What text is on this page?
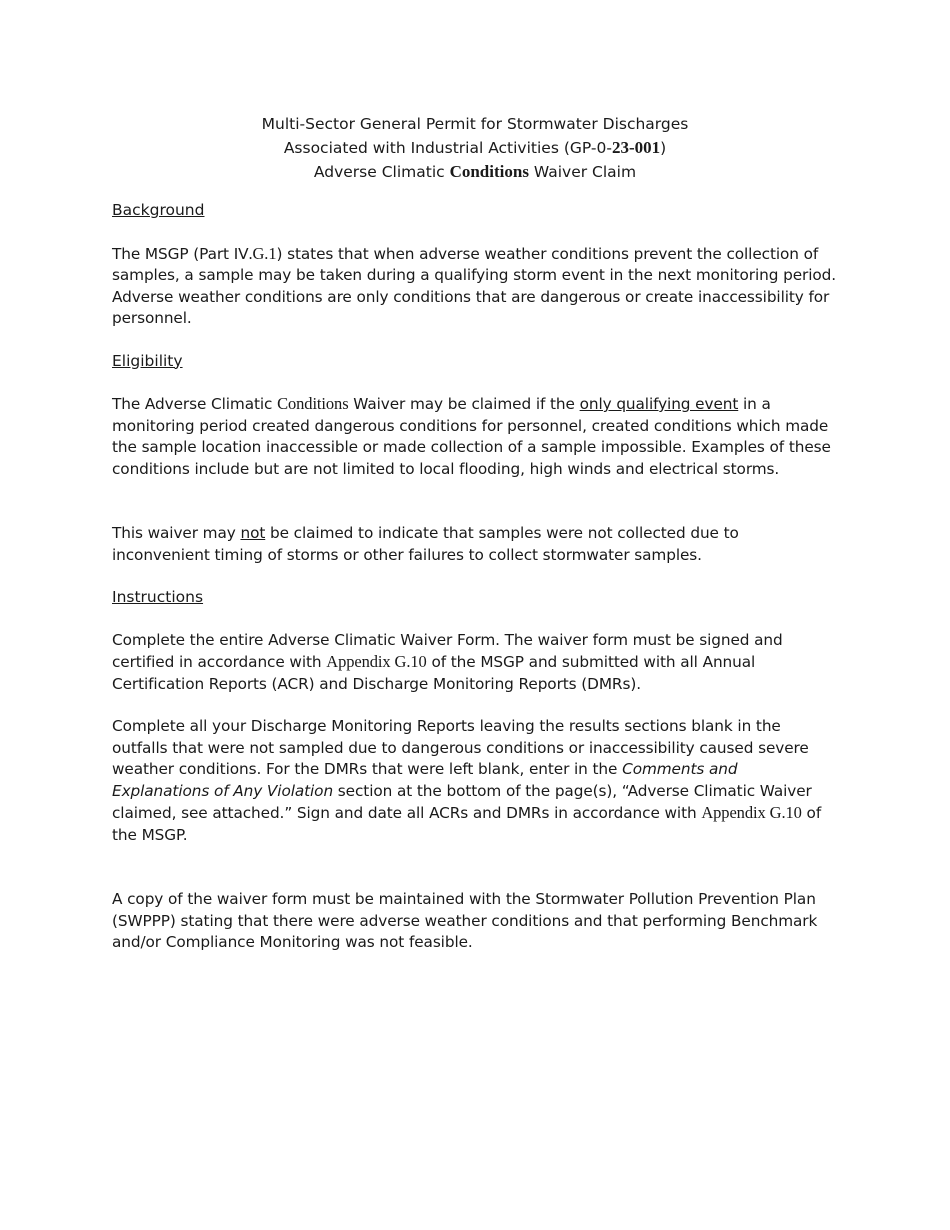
Multi-Sector General Permit for Stormwater Discharges
Associated with Industrial Activities (GP-0-23-001)
Adverse Climatic Conditions Waiver Claim
Background

The MSGP (Part IV.G.1) states that when adverse weather conditions prevent the collection of samples, a sample may be taken during a qualifying storm event in the next monitoring period. Adverse weather conditions are only conditions that are dangerous or create inaccessibility for personnel.

Eligibility

The Adverse Climatic Conditions Waiver may be claimed if the only qualifying event in a monitoring period created dangerous conditions for personnel, created conditions which made the sample location inaccessible or made collection of a sample impossible. Examples of these conditions include but are not limited to local flooding, high winds and electrical storms.

This waiver may not be claimed to indicate that samples were not collected due to inconvenient timing of storms or other failures to collect stormwater samples.

Instructions

Complete the entire Adverse Climatic Waiver Form. The waiver form must be signed and certified in accordance with Appendix G.10 of the MSGP and submitted with all Annual Certification Reports (ACR) and Discharge Monitoring Reports (DMRs).

Complete all your Discharge Monitoring Reports leaving the results sections blank in the outfalls that were not sampled due to dangerous conditions or inaccessibility caused severe weather conditions. For the DMRs that were left blank, enter in the Comments and Explanations of Any Violation section at the bottom of the page(s), “Adverse Climatic Waiver claimed, see attached.” Sign and date all ACRs and DMRs in accordance with Appendix G.10 of the MSGP.

A copy of the waiver form must be maintained with the Stormwater Pollution Prevention Plan (SWPPP) stating that there were adverse weather conditions and that performing Benchmark and/or Compliance Monitoring was not feasible.
